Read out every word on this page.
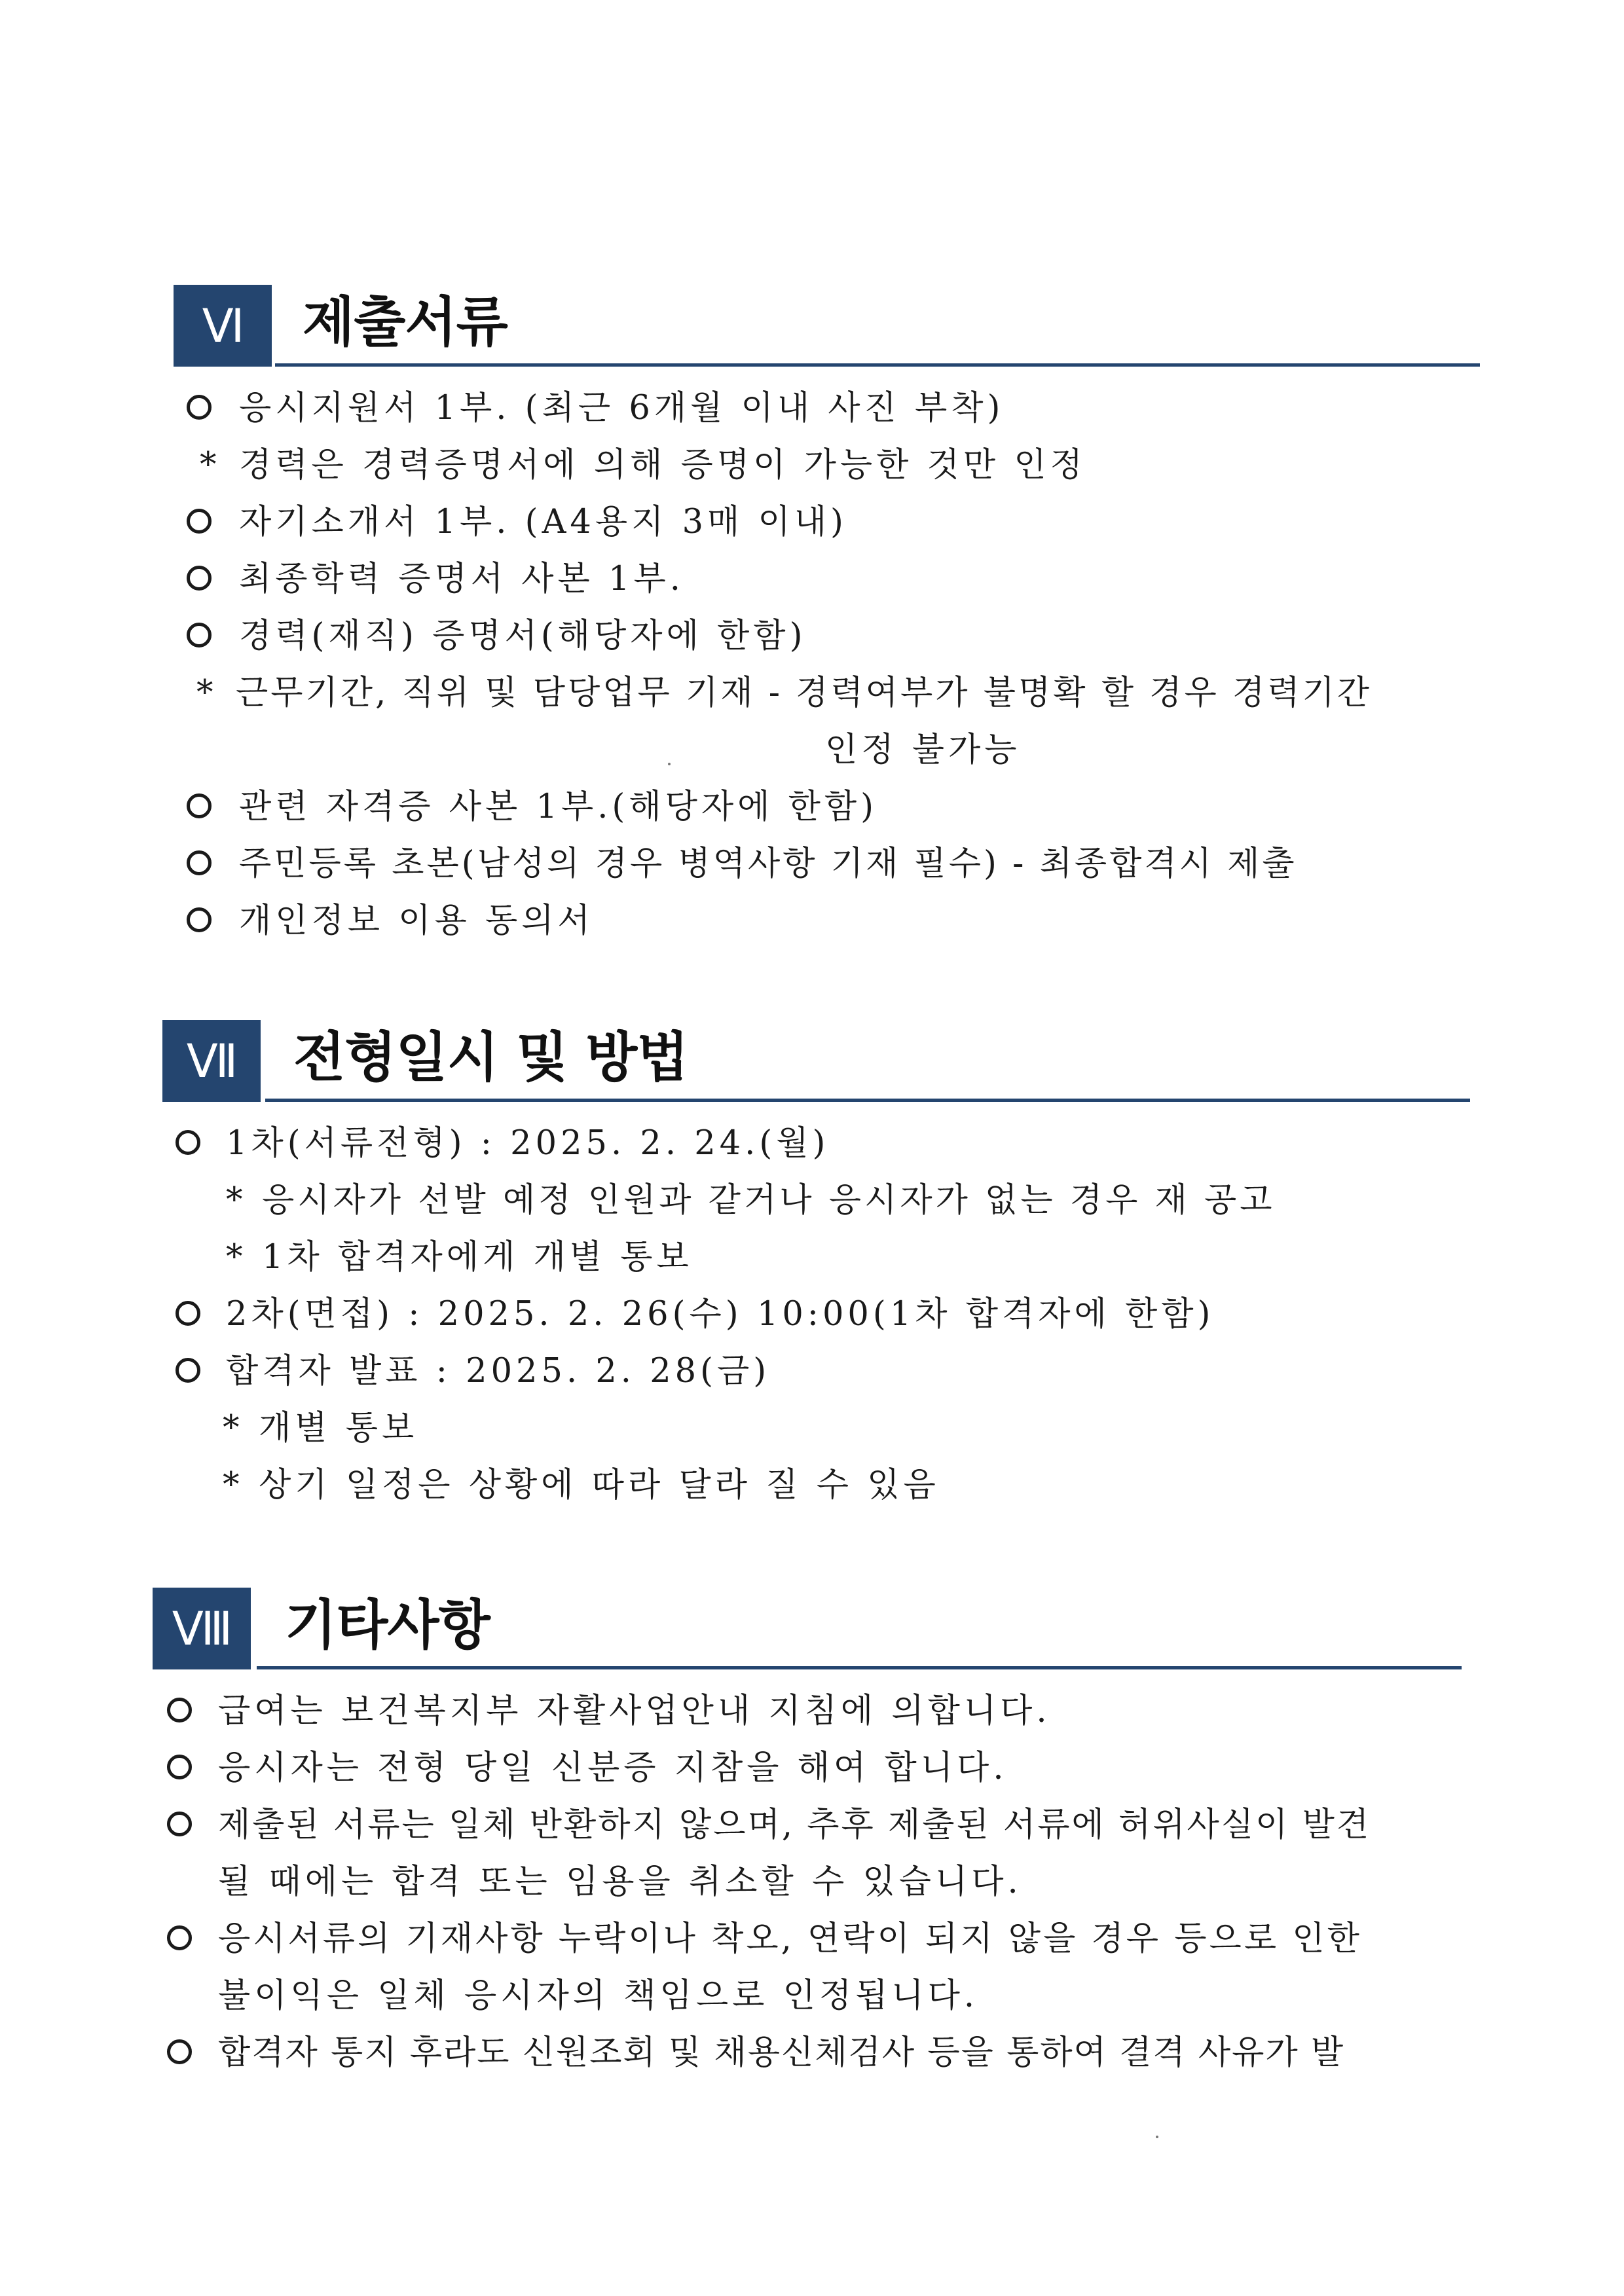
Ⅵ	제출서류
응시지원서 1부. (최근 6개월 이내 사진 부착)
* 경력은 경력증명서에 의해 증명이 가능한 것만 인정
자기소개서 1부. (A4용지 3매 이내)
최종학력 증명서 사본 1부.
경력(재직) 증명서(해당자에 한함)
* 근무기간, 직위 및 담당업무 기재 - 경력여부가 불명확 할 경우 경력기간
인정 불가능
관련 자격증 사본 1부.(해당자에 한함)
주민등록 초본(남성의 경우 병역사항 기재 필수) - 최종합격시 제출
개인정보 이용 동의서
Ⅶ	전형일시 및 방법
1차(서류전형) : 2025. 2. 24.(월)
* 응시자가 선발 예정 인원과 같거나 응시자가 없는 경우 재 공고
* 1차 합격자에게 개별 통보
2차(면접) : 2025. 2. 26(수) 10:00(1차 합격자에 한함)
합격자 발표 : 2025. 2. 28(금)
* 개별 통보
* 상기 일정은 상황에 따라 달라 질 수 있음
Ⅷ 기타사항
급여는 보건복지부 자활사업안내 지침에 의합니다.
응시자는 전형 당일 신분증 지참을 해여 합니다.
제출된 서류는 일체 반환하지 않으며, 추후 제출된 서류에 허위사실이 발견
될 때에는 합격 또는 임용을 취소할 수 있습니다.
응시서류의 기재사항 누락이나 착오, 연락이 되지 않을 경우 등으로 인한
불이익은 일체 응시자의 책임으로 인정됩니다.
합격자 통지 후라도 신원조회 및 채용신체검사 등을 통하여 결격 사유가 발
